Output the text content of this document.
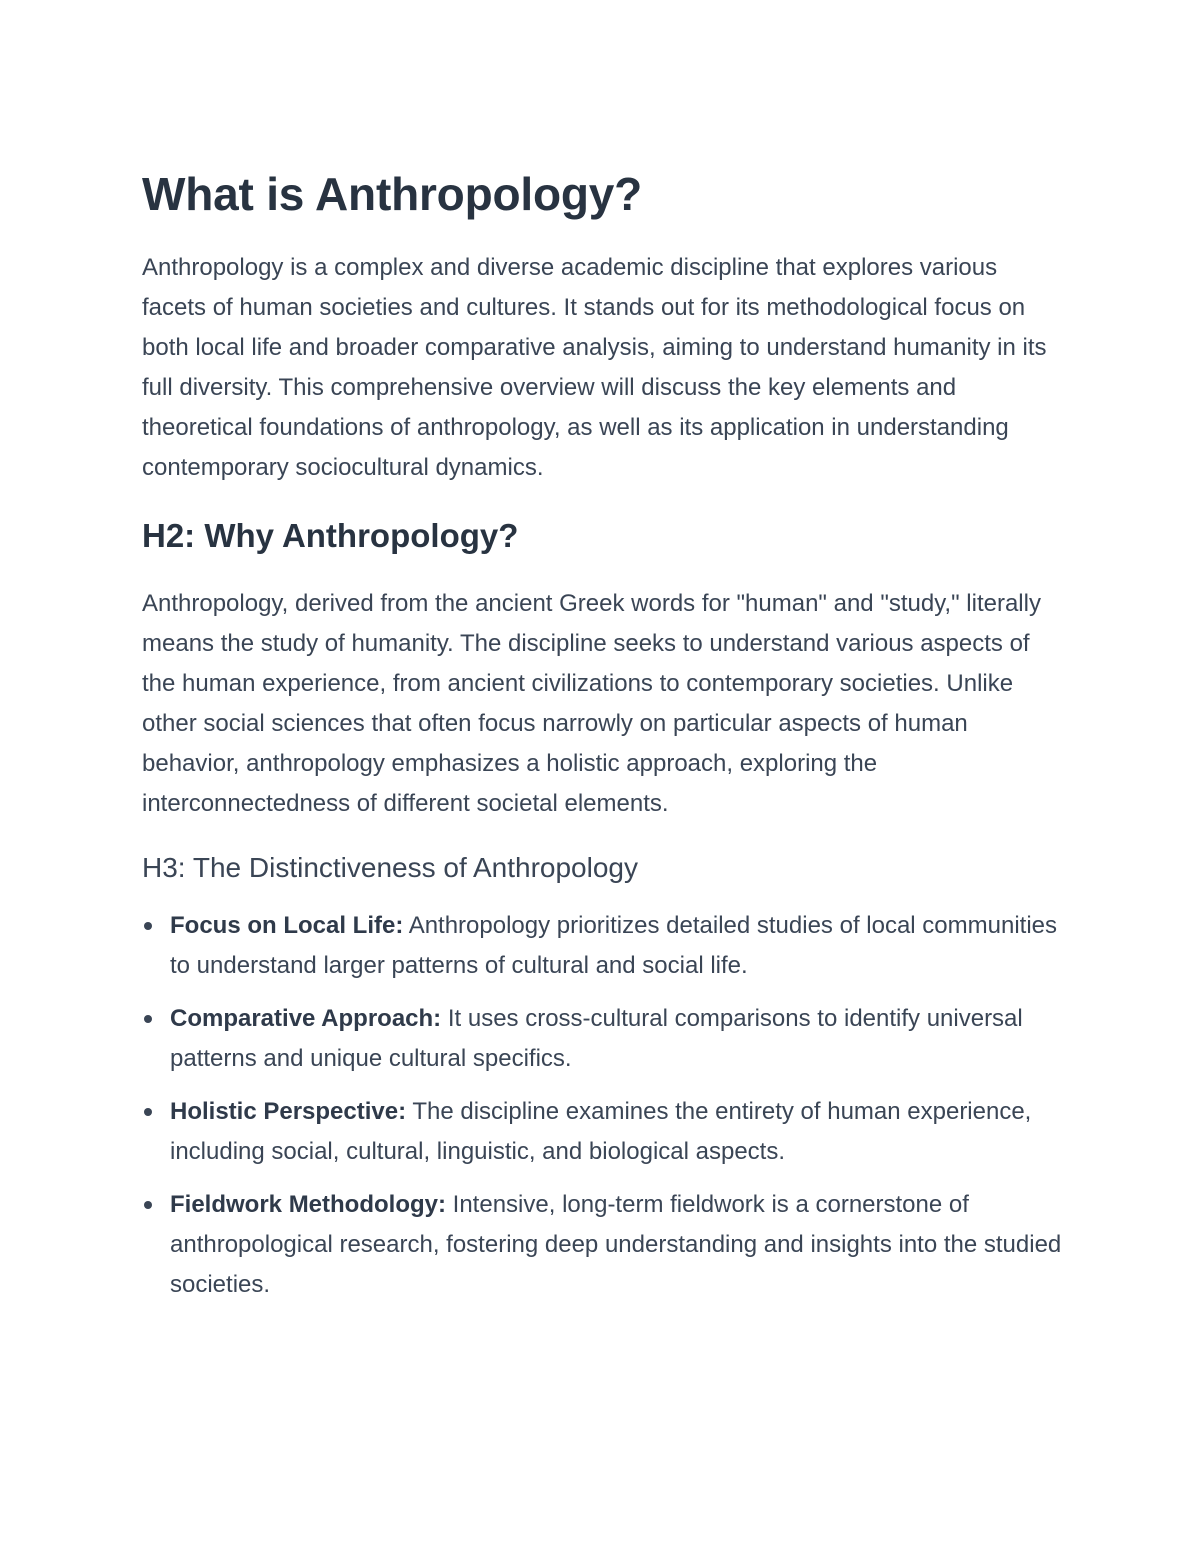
What is Anthropology?

Anthropology is a complex and diverse academic discipline that explores various facets of human societies and cultures. It stands out for its methodological focus on both local life and broader comparative analysis, aiming to understand humanity in its full diversity. This comprehensive overview will discuss the key elements and theoretical foundations of anthropology, as well as its application in understanding contemporary sociocultural dynamics.

H2: Why Anthropology?

Anthropology, derived from the ancient Greek words for "human" and "study," literally means the study of humanity. The discipline seeks to understand various aspects of the human experience, from ancient civilizations to contemporary societies. Unlike other social sciences that often focus narrowly on particular aspects of human behavior, anthropology emphasizes a holistic approach, exploring the interconnectedness of different societal elements.

H3: The Distinctiveness of Anthropology
Focus on Local Life: Anthropology prioritizes detailed studies of local communities to understand larger patterns of cultural and social life.
Comparative Approach: It uses cross-cultural comparisons to identify universal patterns and unique cultural specifics.
Holistic Perspective: The discipline examines the entirety of human experience, including social, cultural, linguistic, and biological aspects.
Fieldwork Methodology: Intensive, long-term fieldwork is a cornerstone of anthropological research, fostering deep understanding and insights into the studied societies.
